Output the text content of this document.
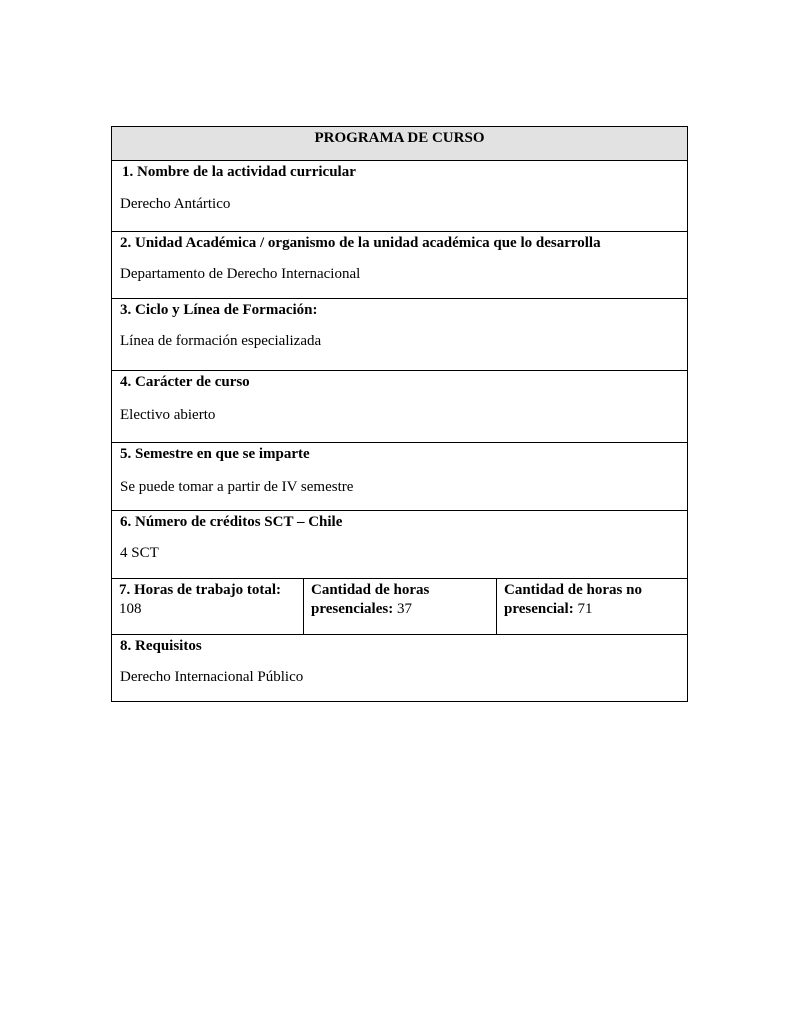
PROGRAMA DE CURSO
1. Nombre de la actividad curricular
Derecho Antártico
2. Unidad Académica / organismo de la unidad académica que lo desarrolla
Departamento de Derecho Internacional
3. Ciclo y Línea de Formación:
Línea de formación especializada
4. Carácter de curso
Electivo abierto
5. Semestre en que se imparte
Se puede tomar a partir de IV semestre
6. Número de créditos SCT – Chile
4 SCT
7. Horas de trabajo total:
108
Cantidad de horas
presenciales: 37
Cantidad de horas no
presencial: 71
8. Requisitos
Derecho Internacional Público
